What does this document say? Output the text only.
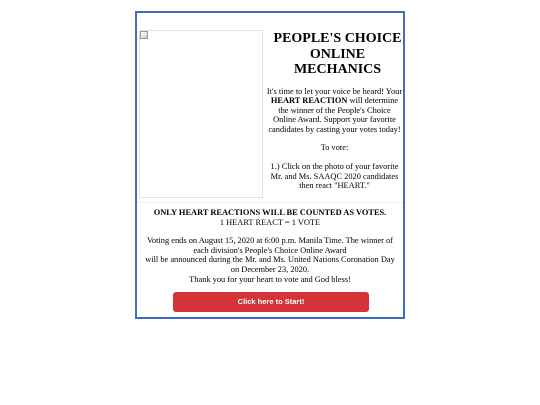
PEOPLE'S CHOICE ONLINE MECHANICS
It's time to let your voice be heard! Your HEART REACTION will determine the winner of the People's Choice Online Award. Support your favorite candidates by casting your votes today!
To vote:
1.) Click on the photo of your favorite Mr. and Ms. SAAQC 2020 candidates then react "HEART."
ONLY HEART REACTIONS WILL BE COUNTED AS VOTES.
1 HEART REACT = 1 VOTE
Voting ends on August 15, 2020 at 6:00 p.m. Manila Time. The winner of each division's People's Choice Online Award
will be announced during the Mr. and Ms. United Nations Coronation Day on December 23, 2020.
Thank you for your heart to vote and God bless!
Click here to Start!
